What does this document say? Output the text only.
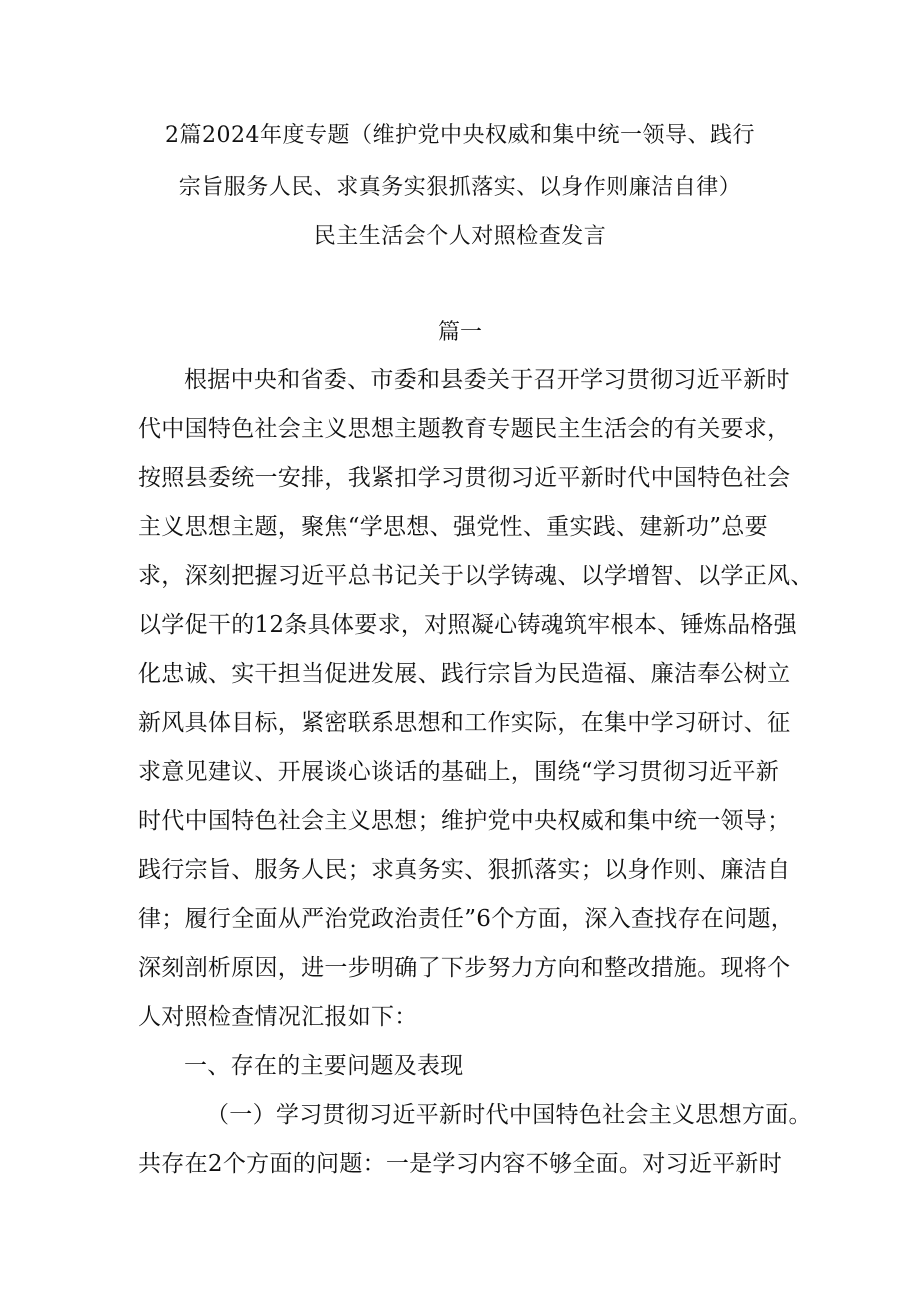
2篇2024年度专题（维护党中央权威和集中统一领导、践行
宗旨服务人民、求真务实狠抓落实、以身作则廉洁自律）
民主生活会个人对照检查发言
篇一
根据中央和省委、市委和县委关于召开学习贯彻习近平新时
代中国特色社会主义思想主题教育专题民主生活会的有关要求，
按照县委统一安排，我紧扣学习贯彻习近平新时代中国特色社会
主义思想主题，聚焦“学思想、强党性、重实践、建新功”总要
求，深刻把握习近平总书记关于以学铸魂、以学增智、以学正风、
以学促干的12条具体要求，对照凝心铸魂筑牢根本、锤炼品格强
化忠诚、实干担当促进发展、践行宗旨为民造福、廉洁奉公树立
新风具体目标，紧密联系思想和工作实际，在集中学习研讨、征
求意见建议、开展谈心谈话的基础上，围绕“学习贯彻习近平新
时代中国特色社会主义思想；维护党中央权威和集中统一领导；
践行宗旨、服务人民；求真务实、狠抓落实；以身作则、廉洁自
律；履行全面从严治党政治责任”6个方面，深入查找存在问题，
深刻剖析原因，进一步明确了下步努力方向和整改措施。现将个
人对照检查情况汇报如下：
一、存在的主要问题及表现
（一）学习贯彻习近平新时代中国特色社会主义思想方面。
共存在2个方面的问题：一是学习内容不够全面。对习近平新时
